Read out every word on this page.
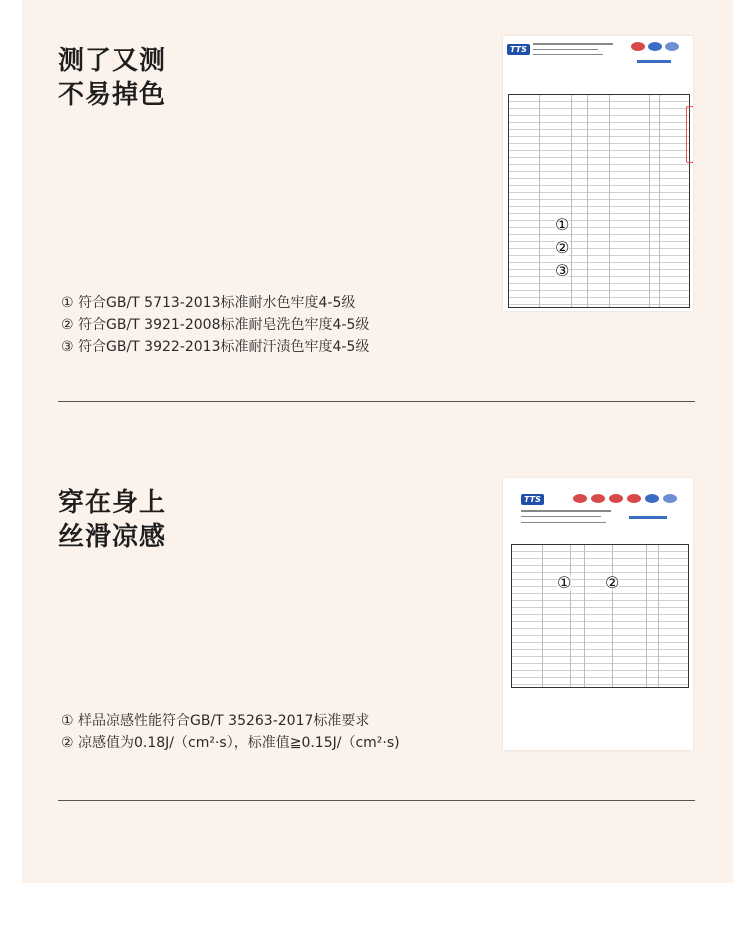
测了又测
不易掉色
TTS
①
②
③
① 符合GB/T 5713-2013标准耐水色牢度4-5级
② 符合GB/T 3921-2008标准耐皂洗色牢度4-5级
③ 符合GB/T 3922-2013标准耐汗渍色牢度4-5级
穿在身上
丝滑凉感
TTS
① ②
① 样品凉感性能符合GB/T 35263-2017标准要求
② 凉感值为0.18J/（cm²·s），标准值≧0.15J/（cm²·s)
